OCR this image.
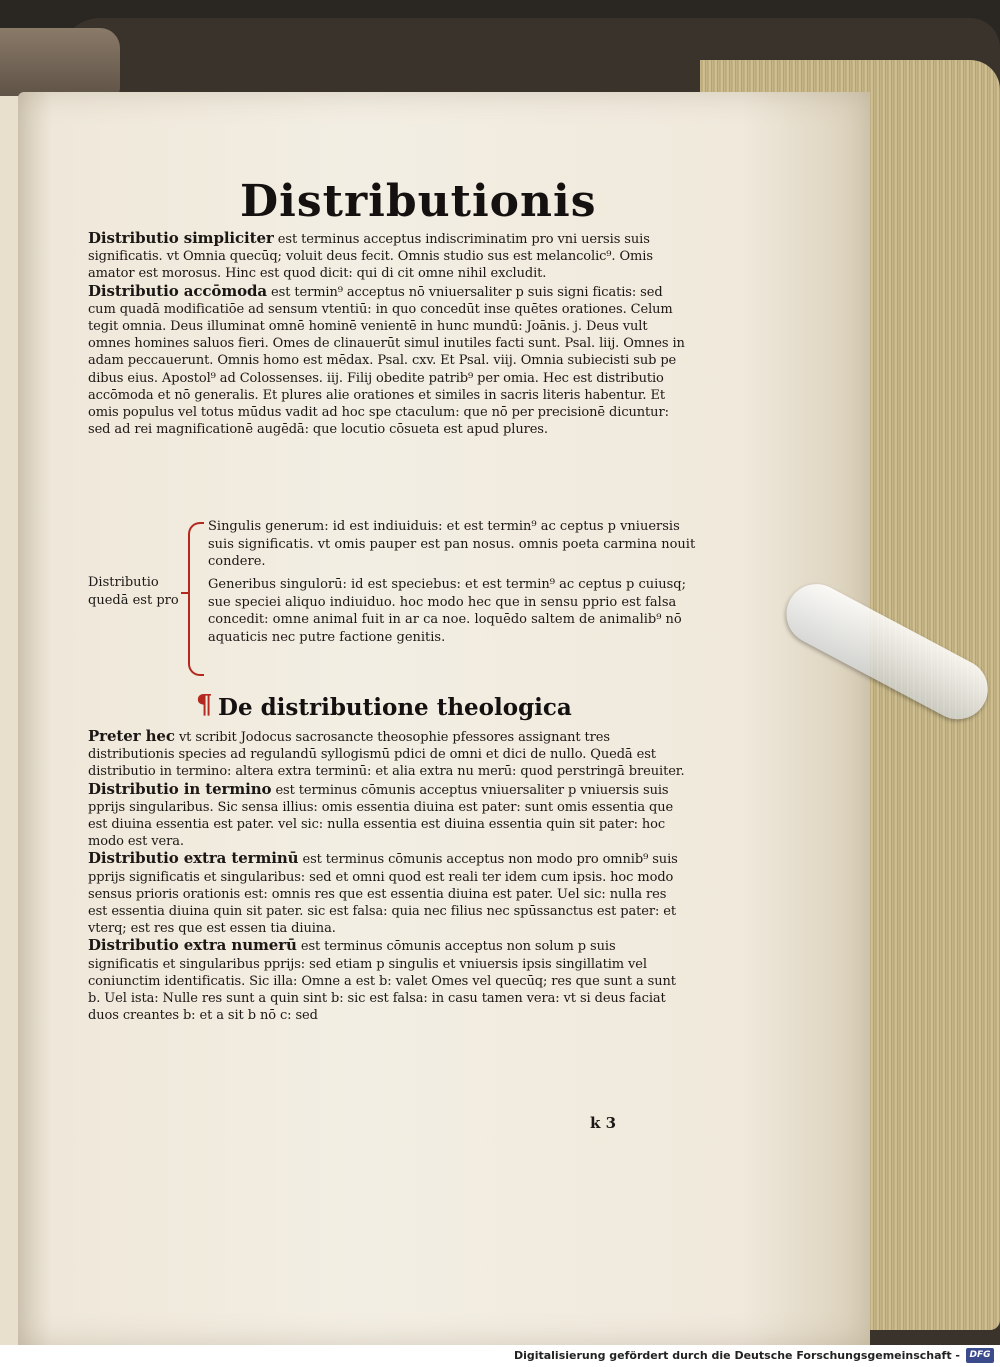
Distributionis

Distributio simpliciter est terminus acceptus indiscriminatim pro vni uersis suis significatis. vt Omnia quecūq; voluit deus fecit. Omnis studio sus est melancolic⁹. Omis amator est morosus. Hinc est quod dicit: qui di cit omne nihil excludit.

Distributio accōmoda est termin⁹ acceptus nō vniuersaliter p suis signi ficatis: sed cum quadā modificatiōe ad sensum vtentiū: in quo concedūt inse quētes orationes. Celum tegit omnia. Deus illuminat omnē hominē venientē in hunc mundū: Joānis. j. Deus vult omnes homines saluos fieri. Omes de clinauerūt simul inutiles facti sunt. Psal. liij. Omnes in adam peccauerunt. Omnis homo est mēdax. Psal. cxv. Et Psal. viij. Omnia subiecisti sub pe dibus eius. Apostol⁹ ad Colossenses. iij. Filij obedite patrib⁹ per omia. Hec est distributio accōmoda et nō generalis. Et plures alie orationes et similes in sacris literis habentur. Et omis populus vel totus mūdus vadit ad hoc spe ctaculum: que nō per precisionē dicuntur: sed ad rei magnificationē augēdā: que locutio cōsueta est apud plures.

Distributio quedā est pro
Singulis generum: id est indiuiduis: et est termin⁹ ac ceptus p vniuersis suis significatis. vt omis pauper est pan nosus. omnis poeta carmina nouit condere.
Generibus singulorū: id est speciebus: et est termin⁹ ac ceptus p cuiusq; sue speciei aliquo indiuiduo. hoc modo hec que in sensu pprio est falsa concedit: omne animal fuit in ar ca noe. loquēdo saltem de animalib⁹ nō aquaticis nec putre factione genitis.
¶ De distributione theologica

Preter hec vt scribit Jodocus sacrosancte theosophie pfessores assignant tres distributionis species ad regulandū syllogismū pdici de omni et dici de nullo. Quedā est distributio in termino: altera extra terminū: et alia extra nu merū: quod perstringā breuiter.

Distributio in termino est terminus cōmunis acceptus vniuersaliter p vniuersis suis pprijs singularibus. Sic sensa illius: omis essentia diuina est pater: sunt omis essentia que est diuina essentia est pater. vel sic: nulla essentia est diuina essentia quin sit pater: hoc modo est vera.

Distributio extra terminū est terminus cōmunis acceptus non modo pro omnib⁹ suis pprijs significatis et singularibus: sed et omni quod est reali ter idem cum ipsis. hoc modo sensus prioris orationis est: omnis res que est essentia diuina est pater. Uel sic: nulla res est essentia diuina quin sit pater. sic est falsa: quia nec filius nec spūssanctus est pater: et vterq; est res que est essen tia diuina.

Distributio extra numerū est terminus cōmunis acceptus non solum p suis significatis et singularibus pprijs: sed etiam p singulis et vniuersis ipsis singillatim vel coniunctim identificatis. Sic illa: Omne a est b: valet Omes vel quecūq; res que sunt a sunt b. Uel ista: Nulle res sunt a quin sint b: sic est falsa: in casu tamen vera: vt si deus faciat duos creantes b: et a sit b nō c: sed

k 3
Digitalisierung gefördert durch die Deutsche Forschungsgemeinschaft -	DFG
